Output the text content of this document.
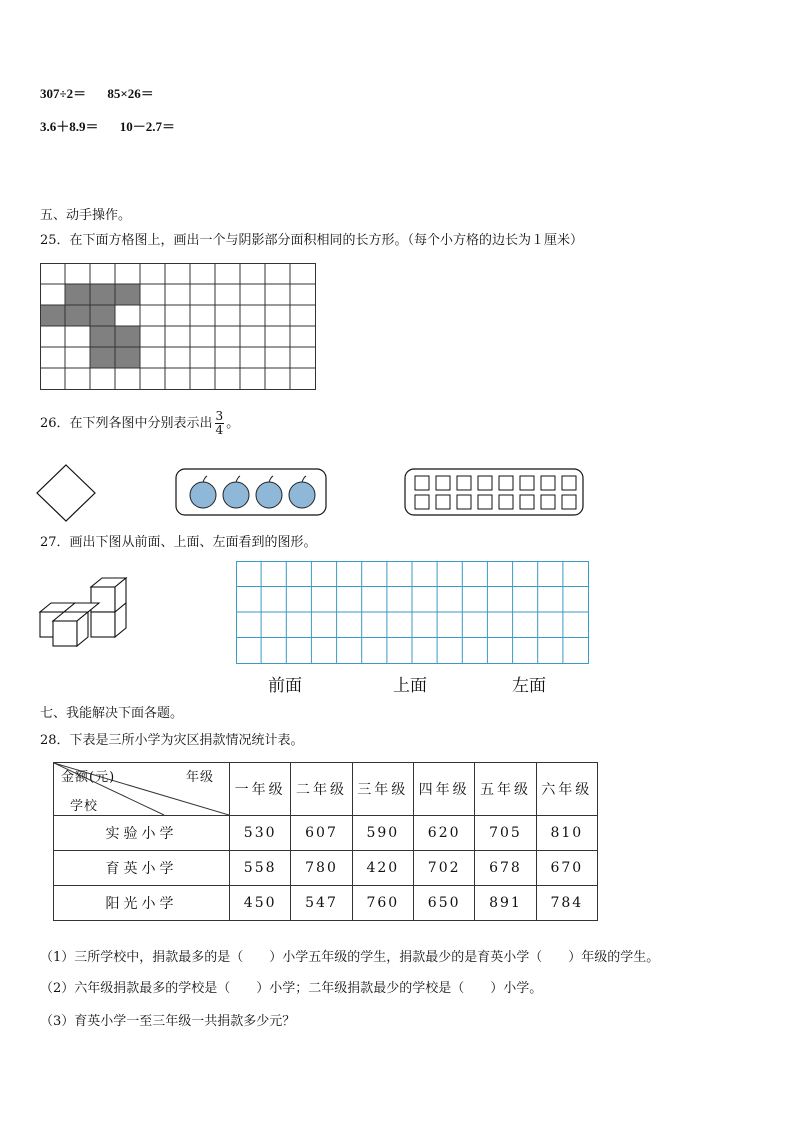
307÷2＝ 85×26＝
3.6＋8.9＝ 10－2.7＝
五、动手操作。
25．在下面方格图上，画出一个与阴影部分面积相同的长方形。（每个小方格的边长为１厘米）
26．在下列各图中分别表示出 $\frac{3}{4}$ 。
27．画出下图从前面、上面、左面看到的图形。
前面	上面	左面
七、我能解决下面各题。
28．下表是三所小学为灾区捐款情况统计表。
金额(元) 年级
学校	一年级	二年级	三年级	四年级	五年级	六年级
实验小学	530	607	590	620	705	810
育英小学	558	780	420	702	678	670
阳光小学	450	547	760	650	891	784
（1）三所学校中，捐款最多的是（　　）小学五年级的学生，捐款最少的是育英小学（　　）年级的学生。
（2）六年级捐款最多的学校是（　　）小学；二年级捐款最少的学校是（　　）小学。
（3）育英小学一至三年级一共捐款多少元？
